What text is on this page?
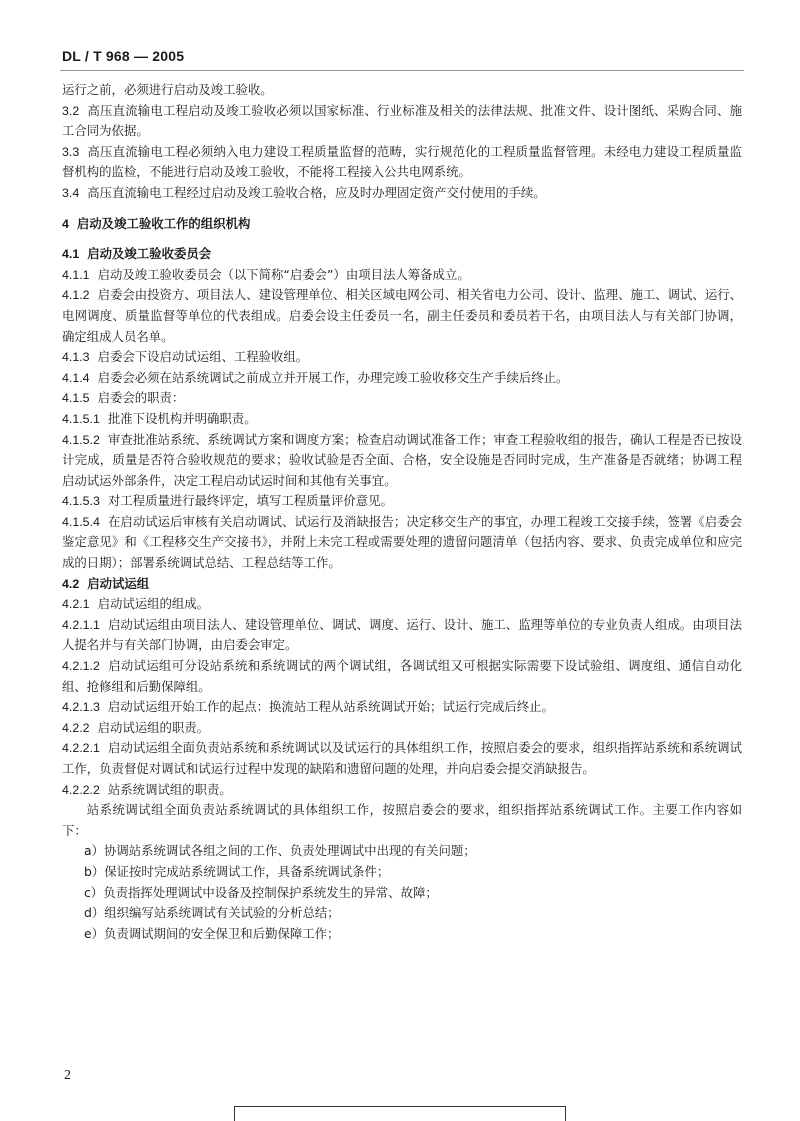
DL / T 968 — 2005

运行之前，必须进行启动及竣工验收。

3.2 高压直流输电工程启动及竣工验收必须以国家标准、行业标准及相关的法律法规、批准文件、设计图纸、采购合同、施工合同为依据。

3.3 高压直流输电工程必须纳入电力建设工程质量监督的范畴，实行规范化的工程质量监督管理。未经电力建设工程质量监督机构的监检，不能进行启动及竣工验收，不能将工程接入公共电网系统。

3.4 高压直流输电工程经过启动及竣工验收合格，应及时办理固定资产交付使用的手续。

4 启动及竣工验收工作的组织机构

4.1 启动及竣工验收委员会

4.1.1 启动及竣工验收委员会（以下简称“启委会”）由项目法人筹备成立。

4.1.2 启委会由投资方、项目法人、建设管理单位、相关区域电网公司、相关省电力公司、设计、监理、施工、调试、运行、电网调度、质量监督等单位的代表组成。启委会设主任委员一名，副主任委员和委员若干名，由项目法人与有关部门协调，确定组成人员名单。

4.1.3 启委会下设启动试运组、工程验收组。

4.1.4 启委会必须在站系统调试之前成立并开展工作，办理完竣工验收移交生产手续后终止。

4.1.5 启委会的职责：

4.1.5.1 批准下设机构并明确职责。

4.1.5.2 审查批准站系统、系统调试方案和调度方案；检查启动调试准备工作；审查工程验收组的报告，确认工程是否已按设计完成，质量是否符合验收规范的要求；验收试验是否全面、合格，安全设施是否同时完成，生产准备是否就绪；协调工程启动试运外部条件，决定工程启动试运时间和其他有关事宜。

4.1.5.3 对工程质量进行最终评定，填写工程质量评价意见。

4.1.5.4 在启动试运后审核有关启动调试、试运行及消缺报告；决定移交生产的事宜，办理工程竣工交接手续，签署《启委会鉴定意见》和《工程移交生产交接书》，并附上未完工程或需要处理的遗留问题清单（包括内容、要求、负责完成单位和应完成的日期）；部署系统调试总结、工程总结等工作。

4.2 启动试运组

4.2.1 启动试运组的组成。

4.2.1.1 启动试运组由项目法人、建设管理单位、调试、调度、运行、设计、施工、监理等单位的专业负责人组成。由项目法人提名并与有关部门协调，由启委会审定。

4.2.1.2 启动试运组可分设站系统和系统调试的两个调试组，各调试组又可根据实际需要下设试验组、调度组、通信自动化组、抢修组和后勤保障组。

4.2.1.3 启动试运组开始工作的起点：换流站工程从站系统调试开始；试运行完成后终止。

4.2.2 启动试运组的职责。

4.2.2.1 启动试运组全面负责站系统和系统调试以及试运行的具体组织工作，按照启委会的要求，组织指挥站系统和系统调试工作，负责督促对调试和试运行过程中发现的缺陷和遗留问题的处理，并向启委会提交消缺报告。

4.2.2.2 站系统调试组的职责。

站系统调试组全面负责站系统调试的具体组织工作，按照启委会的要求，组织指挥站系统调试工作。主要工作内容如下：

a）协调站系统调试各组之间的工作、负责处理调试中出现的有关问题；

b）保证按时完成站系统调试工作，具备系统调试条件；

c）负责指挥处理调试中设备及控制保护系统发生的异常、故障；

d）组织编写站系统调试有关试验的分析总结；

e）负责调试期间的安全保卫和后勤保障工作；

2
